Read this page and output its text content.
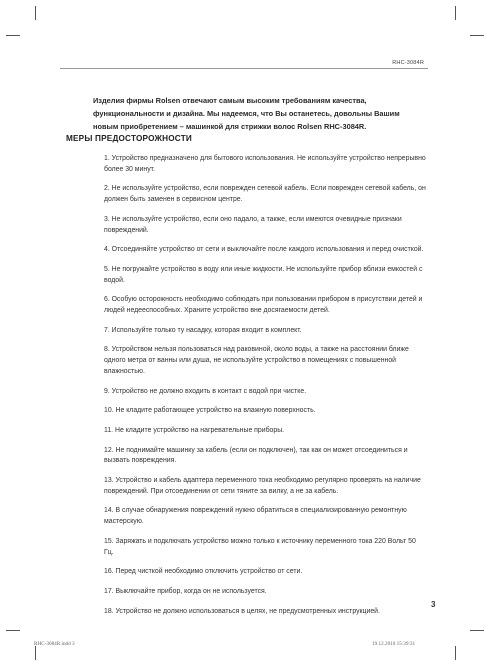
RHC-3084R

Изделия фирмы Rolsen отвечают самым высоким требованиям качества, функциональности и дизайна. Мы надеемся, что Вы останетесь, довольны Вашим новым приобретением – машинкой для стрижки волос Rolsen RHC-3084R.

МЕРЫ ПРЕДОСТОРОЖНОСТИ
1. Устройство предназначено для бытового использования. Не используйте устройство непрерывно более 30 минут.
2. Не используйте устройство, если поврежден сетевой кабель. Если поврежден сетевой кабель, он должен быть заменен в сервисном центре.
3. Не используйте устройство, если оно падало, а также, если имеются очевидные признаки повреждений.
4. Отсоединяйте устройство от сети и выключайте после каждого использования и перед очисткой.
5. Не погружайте устройство в воду или иные жидкости. Не используйте прибор вблизи емкостей с водой.
6. Особую осторожность необходимо соблюдать при пользовании прибором в присутствии детей и людей недееспособных. Храните устройство вне досягаемости детей.
7. Используйте только ту насадку, которая входит в комплект.
8. Устройством нельзя пользоваться над раковиной, около воды, а также на расстоянии ближе одного метра от ванны или душа, не используйте устройство в помещениях с повышенной влажностью.
9. Устройство не должно входить в контакт с водой при чистке.
10. Не кладите работающее устройство на влажную поверхность.
11. Не кладите устройство на нагревательные приборы.
12. Не поднимайте машинку за кабель (если он подключен), так как он может отсоединиться и вызвать повреждения.
13. Устройство и кабель адаптера переменного тока необходимо регулярно проверять на наличие повреждений. При отсоединении от сети тяните за вилку, а не за кабель.
14. В случае обнаружения повреждений нужно обратиться в специализированную ремонтную мастерскую.
15. Заряжать и подключать устройство можно только к источнику переменного тока 220 Вольт 50 Гц.
16. Перед чисткой необходимо отключить устройство от сети.
17. Выключайте прибор, когда он не используется.
18. Устройство не должно использоваться в целях, не предусмотренных инструкцией.
3
RHC-3084R.indd 3	19.12.2010 15:39:31
